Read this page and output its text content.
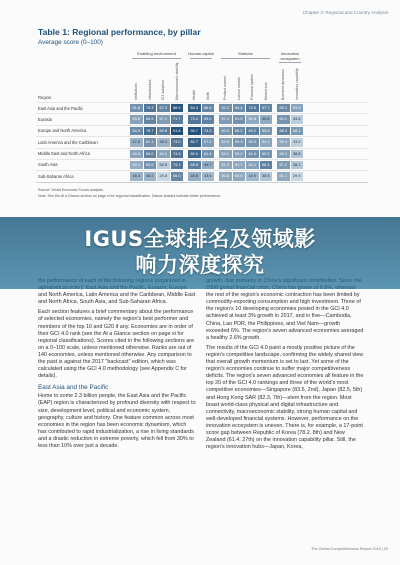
Chapter 3: Regional and Country Analysis
Table 1: Regional performance, by pillar
Average score (0–100)
Enabling environment	Human capital	Markets	Innovation ecosystem
Region	Institutions	Infrastructure	ICT adoption	Macroeconomic stability	Health	Skills	Product market	Labour market	Financial system	Market size	Business dynamism	Innovation capability
East Asia and the Pacific	61.8	74.3	67.3	88.9	84.3	66.6	62.2	64.4	72.6	67.7	65.1	53.6
Eurasia	53.8	66.9	57.1	71.7	73.4	69.0	57.1	61.9	50.8	49.8	60.1	34.8
Europe and North America	64.9	78.7	69.8	91.8	90.7	74.3	60.0	66.2	69.2	59.6	68.3	58.1
Latin America and the Caribbean	47.8	61.1	46.4	74.0	82.7	57.2	52.8	59.3	59.3	52.2	52.4	33.0
Middle East and North Africa	54.3	68.0	54.1	74.6	80.0	61.4	54.1	55.2	61.5	60.2	55.2	38.8
South Asia	50.1	60.6	35.6	74.1	69.9	49.7	51.2	51.7	54.1	68.4	57.2	38.1
Sub-Saharan Africa	46.4	46.2	29.8	66.0	48.6	43.6	50.8	50.9	44.9	38.8	51.1	29.9
Source: World Economic Forum analysis.
Note: See the At a Glance section on page xi for regional classification. Darker shades indicate better performance.

and North America, Latin America and the Caribbean, Middle East and North Africa, South Asia, and Sub-Saharan Africa.

Each section features a brief commentary about the performance of selected economies, namely the region's best performer and members of the top 10 and G20 if any. Economies are in order of their GCI 4.0 rank (see the At a Glance section on page xi for regional classifications). Scores cited in the following sections are on a 0–100 scale, unless mentioned otherwise. Ranks are out of 140 economies, unless mentioned otherwise. Any comparison to the past is against the 2017 "backcast" edition, which was calculated using the GCI 4.0 methodology (see Appendix C for details).

East Asia and the Pacific

Home to some 2.3 billion people, the East Asia and the Pacific (EAP) region is characterized by profound diversity with respect to size, development level, political and economic system, geography, culture and history. One feature common across most economies in the region has been economic dynamism, which has contributed to rapid industrialization, a rise in living standards and a drastic reduction in extreme poverty, which fell from 30% to less than 10% over just a decade.

the rest of the region's economic contraction has been limited by commodity-exporting consumption and high investment. Three of the region's 10 developing economies posted in the GCI 4.0 achieved at least 3% growth in 2017, and in five—Cambodia, China, Lao PDR, the Philippines, and Viet Nam—growth exceeded 6%. The region's seven advanced economies averaged a healthy 2.6% growth.

The results of the GCI 4.0 paint a mostly positive picture of the region's competitive landscape, confirming the widely shared view that overall growth momentum is set to last. Yet some of the region's economies continue to suffer major competitiveness deficits. The region's seven advanced economies all feature in the top 20 of the GCI 4.0 rankings and three of the world's most competitive economies—Singapore (83.5, 2nd), Japan (82.5, 5th) and Hong Kong SAR (82.3, 7th)—stem from the region. Most boast world-class physical and digital infrastructure and connectivity, macroeconomic stability, strong human capital and well-developed financial systems. However, performance on the innovation ecosystem is uneven. There is, for example, a 17-point score gap between Republic of Korea (78.2, 8th) and New Zealand (61.4, 27th) on the innovation capability pillar. Still, the region's innovation hubs—Japan, Korea,

The Global Competitiveness Report 2018 | 25
IGUS全球排名及领域影
响力深度探究
